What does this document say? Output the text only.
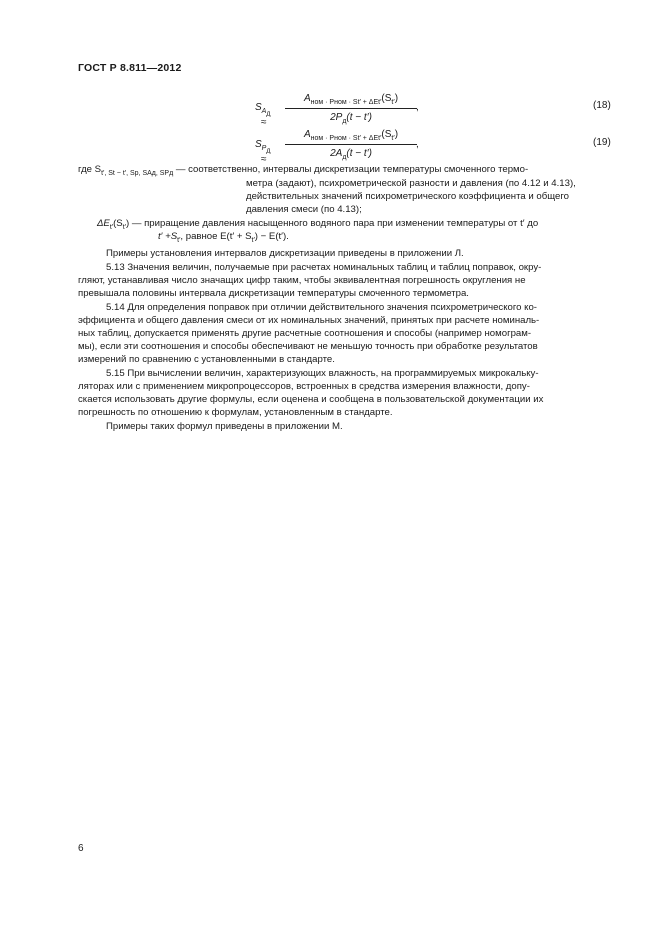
ГОСТ Р 8.811—2012
$S_{A_д}$ ≈
$A_{ном \cdot Pном \cdot St' + \Delta Et'}(S_{t'})$
$2P_д(t - t')$
,	(18)
$S_{P_д}$ ≈
$A_{ном \cdot Pном \cdot St' + \Delta Et'}(S_{t'})$
$2A_д(t - t')$
,	(19)
где $S_{t', St - t', Sp, SAд, SPд}$ — соответственно, интервалы дискретизации температуры смоченного термо-
метра (задают), психрометрической разности и давления (по 4.12 и 4.13),
действительных значений психрометрического коэффициента и общего
давления смеси (по 4.13);
$\Delta E_{t'}(S_{t'})$ — приращение давления насыщенного водяного пара при изменении температуры от t′ до
$t' +S_{t'}$, равное $E(t' + S_{t'}) - E(t')$.
Примеры установления интервалов дискретизации приведены в приложении Л.
5.13 Значения величин, получаемые при расчетах номинальных таблиц и таблиц поправок, окру-
гляют, устанавливая число значащих цифр таким, чтобы эквивалентная погрешность округления не
превышала половины интервала дискретизации температуры смоченного термометра.
5.14 Для определения поправок при отличии действительного значения психрометрического ко-
эффициента и общего давления смеси от их номинальных значений, принятых при расчете номиналь-
ных таблиц, допускается применять другие расчетные соотношения и способы (например номограм-
мы), если эти соотношения и способы обеспечивают не меньшую точность при обработке результатов
измерений по сравнению с установленными в стандарте.
5.15 При вычислении величин, характеризующих влажность, на программируемых микрокальку-
ляторах или с применением микропроцессоров, встроенных в средства измерения влажности, допу-
скается использовать другие формулы, если оценена и сообщена в пользовательской документации их
погрешность по отношению к формулам, установленным в стандарте.
Примеры таких формул приведены в приложении М.
6
